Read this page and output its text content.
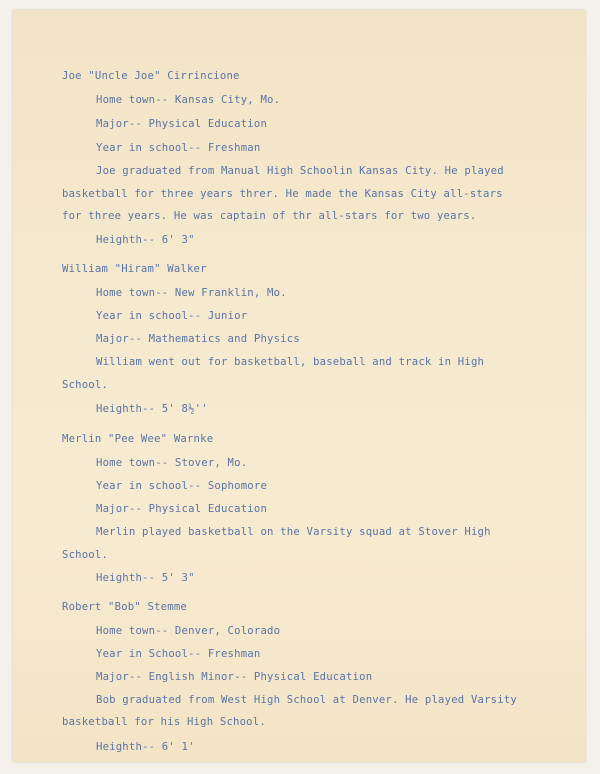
Joe "Uncle Joe" Cirrincione
Home town-- Kansas City, Mo.
Major-- Physical Education
Year in school-- Freshman
Joe graduated from Manual High Schoolin Kansas City. He played
basketball for three years threr. He made the Kansas City all-stars
for three years. He was captain of thr all-stars for two years.
Heighth-- 6' 3"
William "Hiram" Walker
Home town-- New Franklin, Mo.
Year in school-- Junior
Major-- Mathematics and Physics
William went out for basketball, baseball and track in High
School.
Heighth-- 5' 8½''
Merlin "Pee Wee" Warnke
Home town-- Stover, Mo.
Year in school-- Sophomore
Major-- Physical Education
Merlin played basketball on the Varsity squad at Stover High
School.
Heighth-- 5' 3"
Robert "Bob" Stemme
Home town-- Denver, Colorado
Year in School-- Freshman
Major-- English Minor-- Physical Education
Bob graduated from West High School at Denver. He played Varsity
basketball for his High School.
Heighth-- 6' 1'
